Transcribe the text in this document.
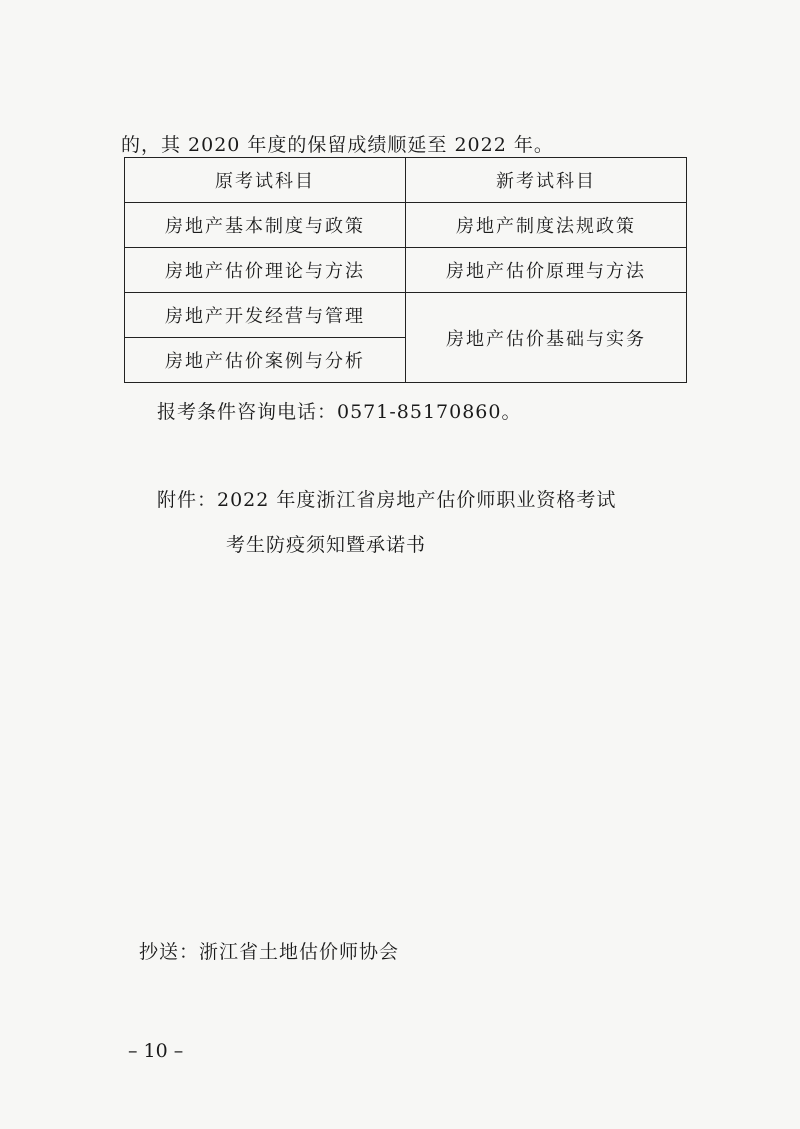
的，其 2020 年度的保留成绩顺延至 2022 年。
原考试科目	新考试科目
房地产基本制度与政策	房地产制度法规政策
房地产估价理论与方法	房地产估价原理与方法
房地产开发经营与管理	房地产估价基础与实务
房地产估价案例与分析	
报考条件咨询电话：0571-85170860。
附件：2022 年度浙江省房地产估价师职业资格考试
考生防疫须知暨承诺书
抄送：浙江省土地估价师协会
– 10 –
